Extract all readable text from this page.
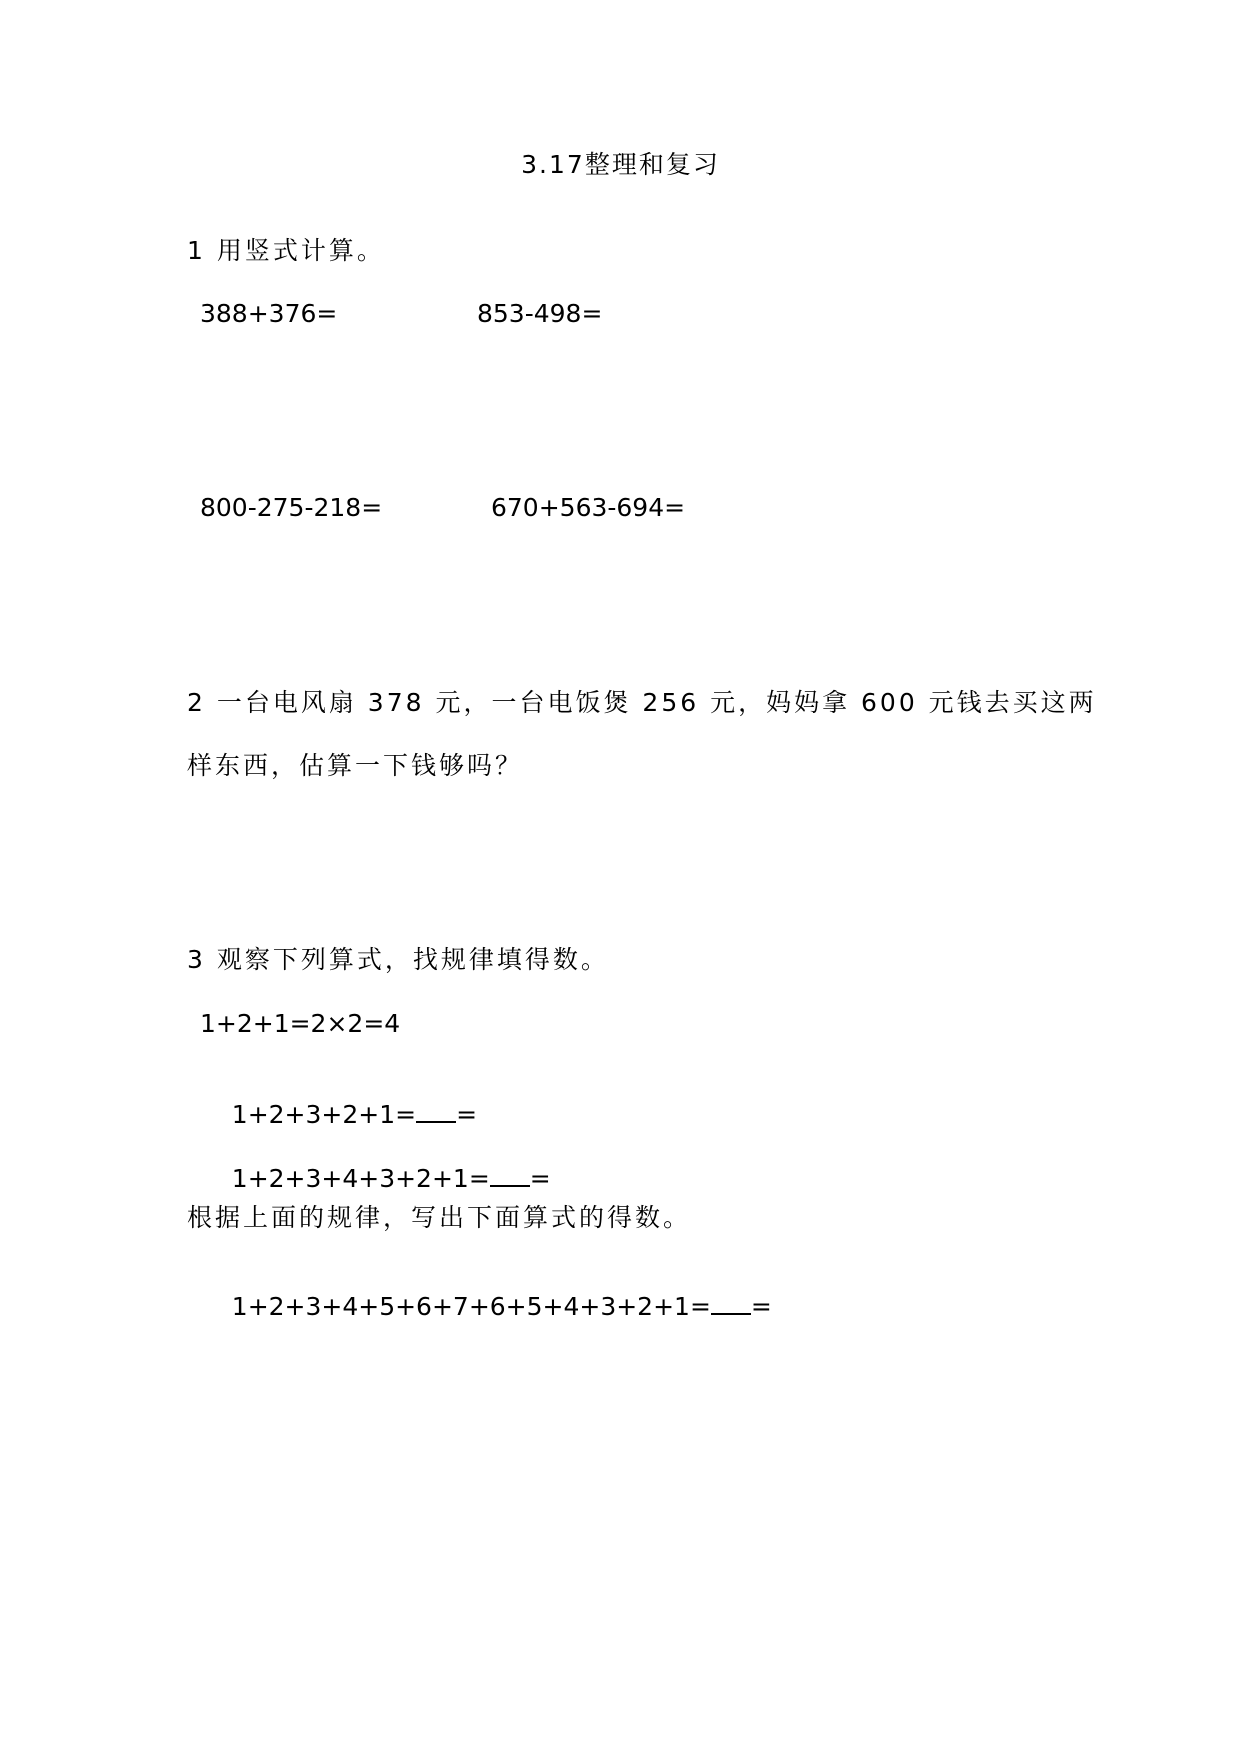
3.17整理和复习
1 用竖式计算。
388+376=	853-498=
800-275-218=	670+563-694=
2 一台电风扇 378 元，一台电饭煲 256 元，妈妈拿 600 元钱去买这两
样东西，估算一下钱够吗？
3 观察下列算式，找规律填得数。
1+2+1=2×2=4

1+2+3+2+1= =

1+2+3+4+3+2+1= =

根据上面的规律，写出下面算式的得数。

1+2+3+4+5+6+7+6+5+4+3+2+1= =
